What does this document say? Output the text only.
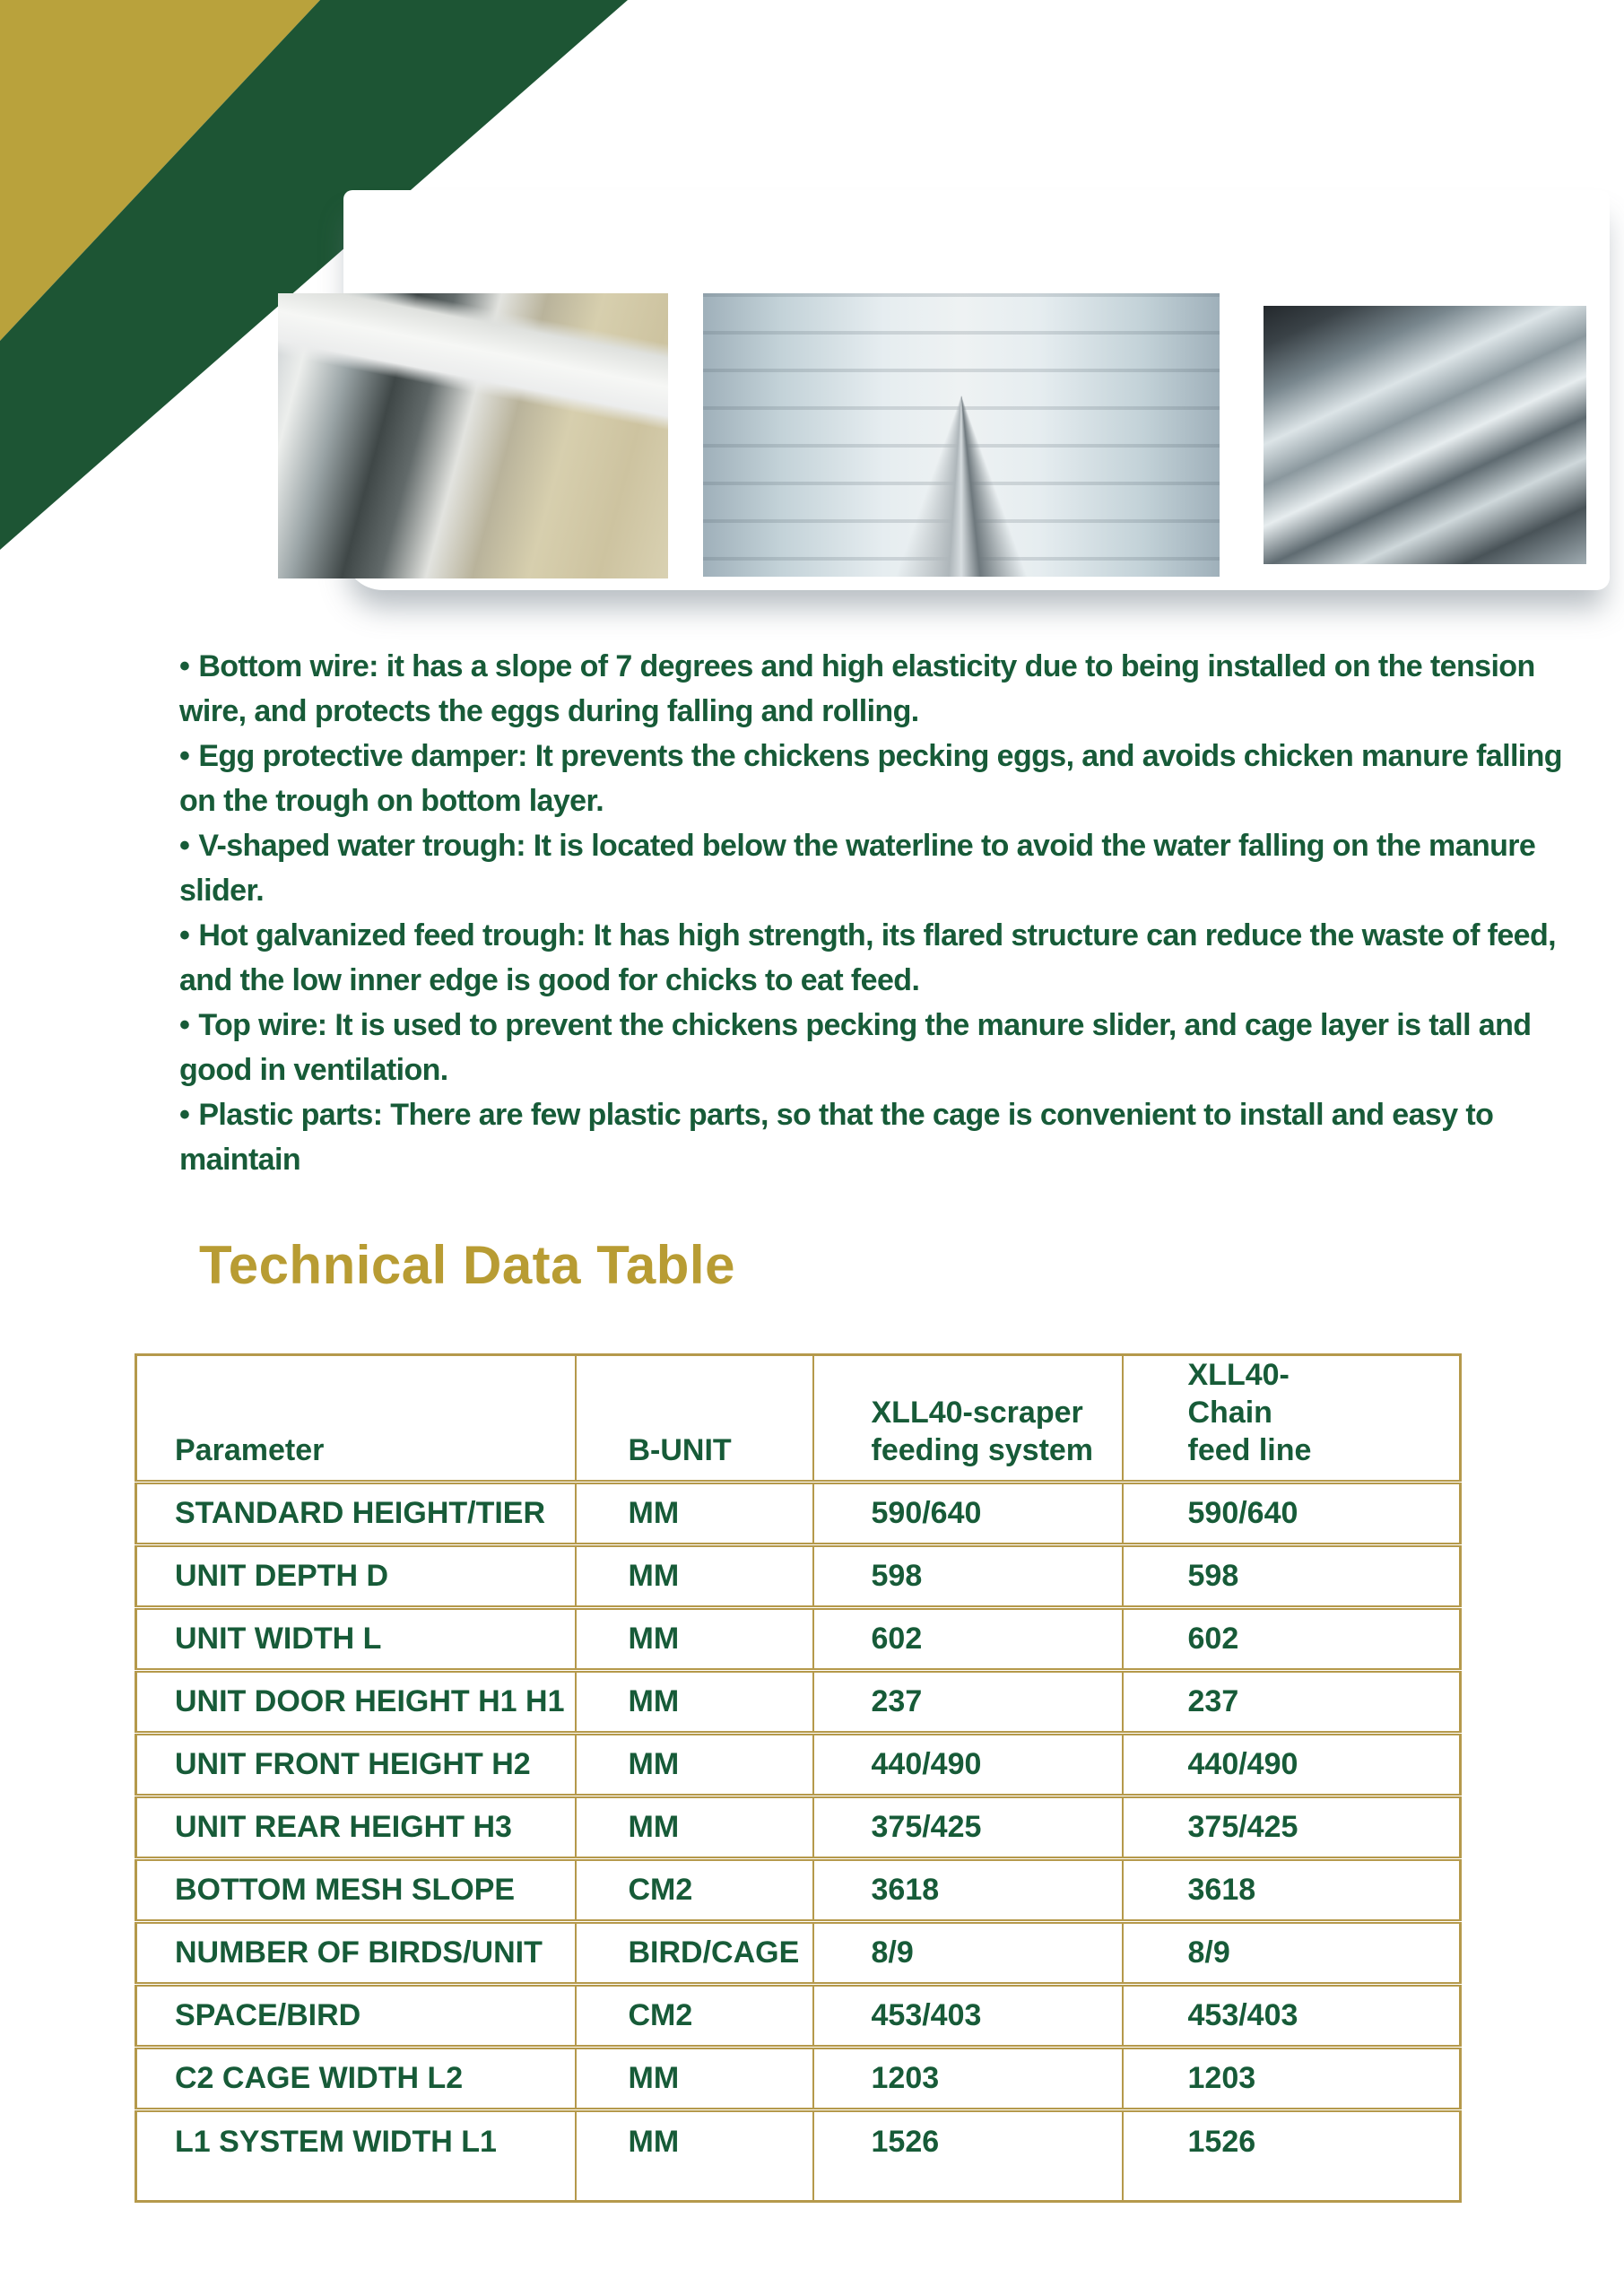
• Bottom wire: it has a slope of 7 degrees and high elasticity due to being installed on the tension wire, and protects the eggs during falling and rolling.

• Egg protective damper: It prevents the chickens pecking eggs, and avoids chicken manure falling on the trough on bottom layer.

• V-shaped water trough: It is located below the waterline to avoid the water falling on the manure slider.

• Hot galvanized feed trough: It has high strength, its flared structure can reduce the waste of feed, and the low inner edge is good for chicks to eat feed.

• Top wire: It is used to prevent the chickens pecking the manure slider, and cage layer is tall and good in ventilation.

• Plastic parts: There are few plastic parts, so that the cage is convenient to install and easy to maintain

Technical Data Table
Parameter	B-UNIT	XLL40-scraper feeding system	XLL40-Chain feed line
STANDARD HEIGHT/TIER	MM	590/640	590/640
UNIT DEPTH D	MM	598	598
UNIT WIDTH L	MM	602	602
UNIT DOOR HEIGHT H1 H1	MM	237	237
UNIT FRONT HEIGHT H2	MM	440/490	440/490
UNIT REAR HEIGHT H3	MM	375/425	375/425
BOTTOM MESH SLOPE	CM2	3618	3618
NUMBER OF BIRDS/UNIT	BIRD/CAGE	8/9	8/9
SPACE/BIRD	CM2	453/403	453/403
C2 CAGE WIDTH L2	MM	1203	1203
L1 SYSTEM WIDTH L1	MM	1526	1526
